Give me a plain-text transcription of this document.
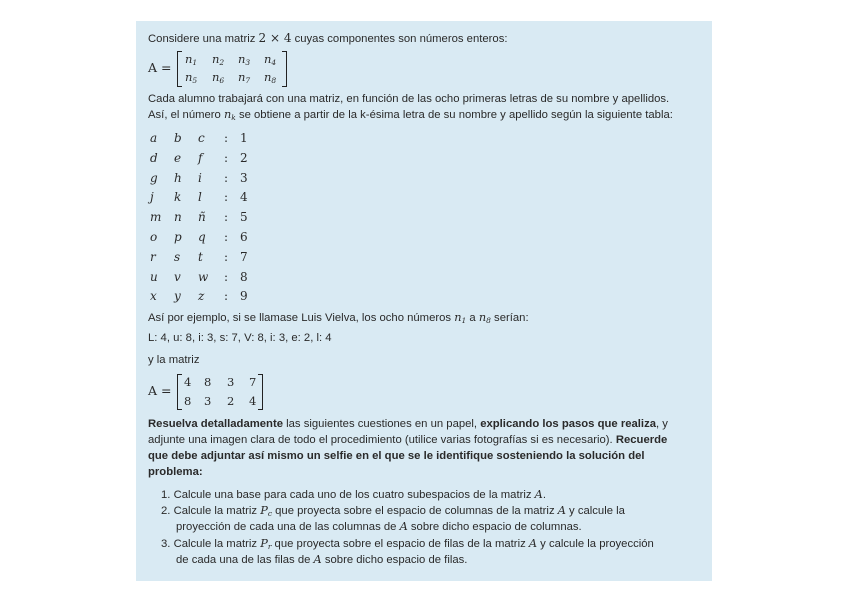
Considere una matriz 2 × 4 cuyas componentes son números enteros:
A =
$n_1$ $n_2$ $n_3$ $n_4$
$n_5$ $n_6$ $n_7$ $n_8$
Cada alumno trabajará con una matriz, en función de las ocho primeras letras de su nombre y apellidos.
Así, el número $n_k$ se obtiene a partir de la k-ésima letra de su nombre y apellido según la siguiente tabla:
a b c : 1
d e f : 2
g h i : 3
j k l : 4
m n ñ : 5
o p q : 6
r s t : 7
u v w : 8
x y z : 9
Así por ejemplo, si se llamase Luis Vielva, los ocho números $n_1$ a $n_8$ serían:
L: 4, u: 8, i: 3, s: 7, V: 8, i: 3, e: 2, l: 4
y la matriz
A =
4 8 3 7
8 3 2 4
Resuelva detalladamente las siguientes cuestiones en un papel, explicando los pasos que realiza, y
adjunte una imagen clara de todo el procedimiento (utilice varias fotografías si es necesario). Recuerde
que debe adjuntar así mismo un selfie en el que se le identifique sosteniendo la solución del
problema:
1. Calcule una base para cada uno de los cuatro subespacios de la matriz A.
2. Calcule la matriz $P_c$ que proyecta sobre el espacio de columnas de la matriz A y calcule la
proyección de cada una de las columnas de A sobre dicho espacio de columnas.
3. Calcule la matriz $P_r$ que proyecta sobre el espacio de filas de la matriz A y calcule la proyección
de cada una de las filas de A sobre dicho espacio de filas.
